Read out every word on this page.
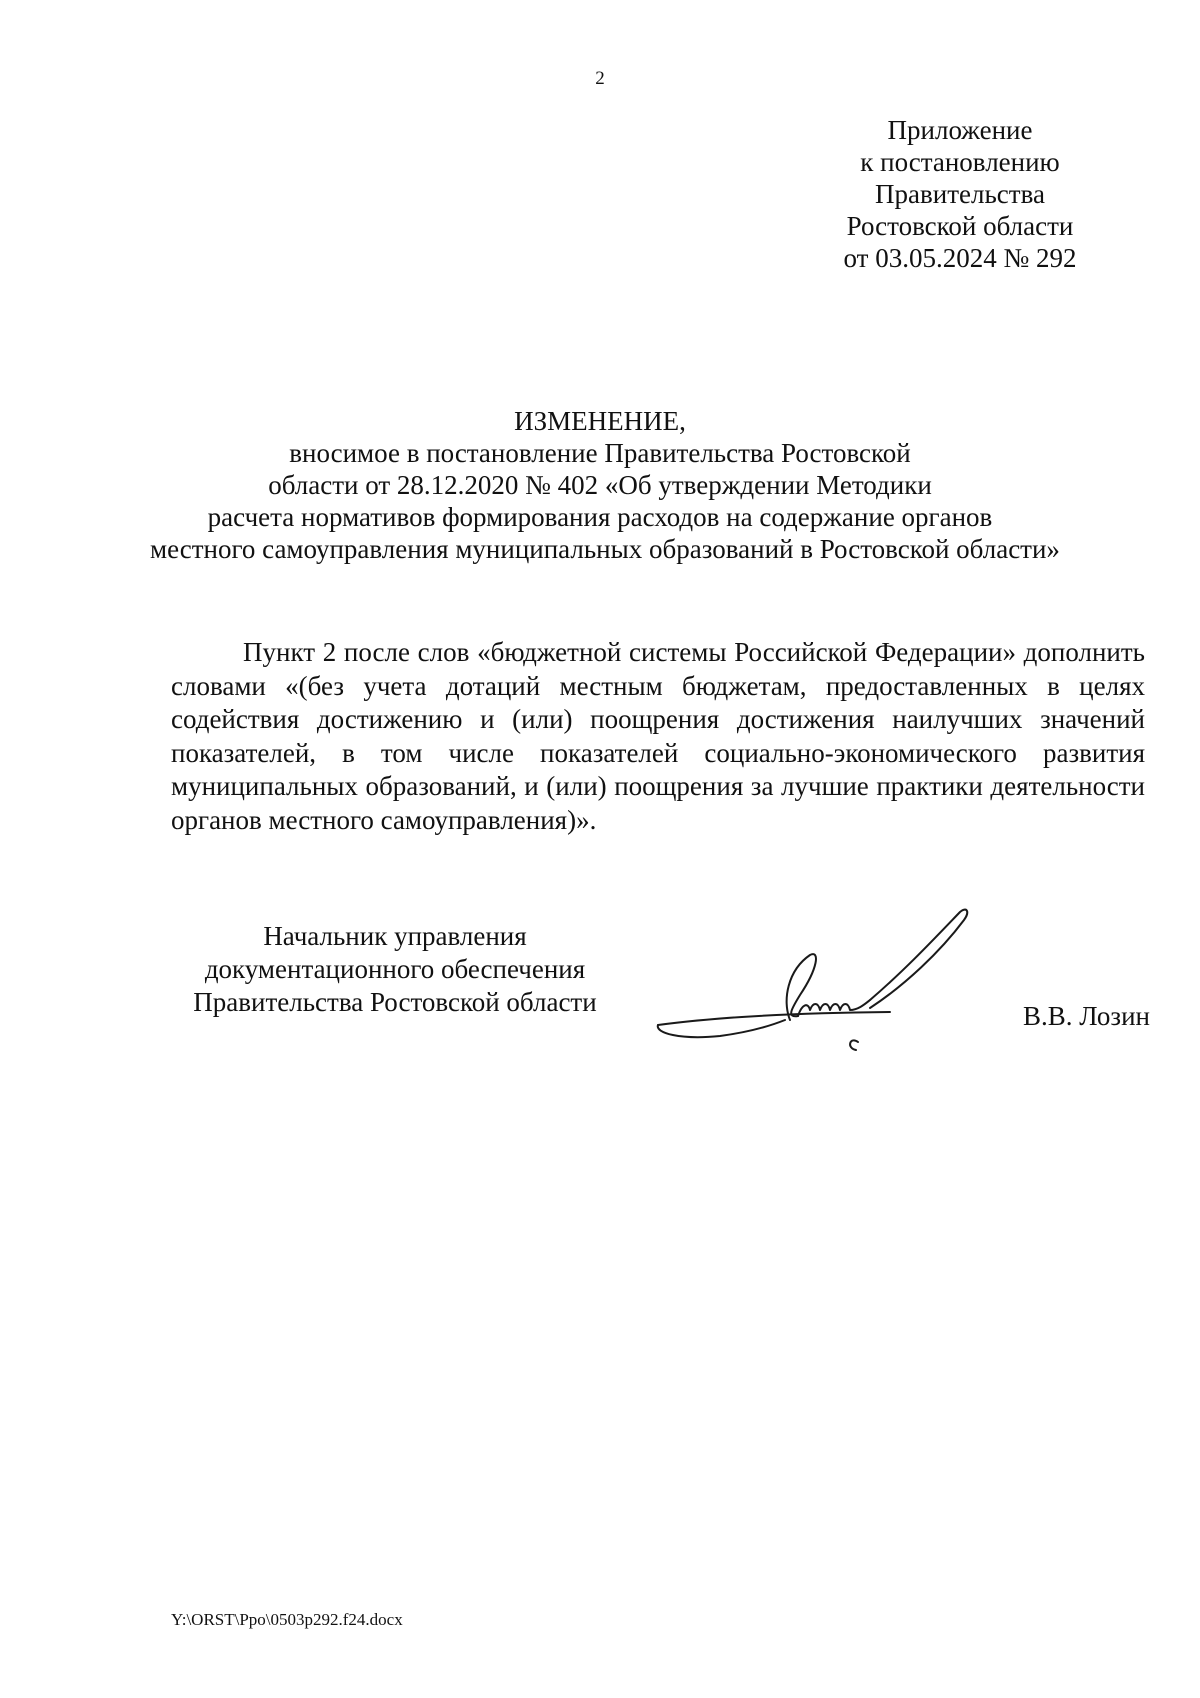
2
Приложение
к постановлению
Правительства
Ростовской области
от 03.05.2024 № 292
ИЗМЕНЕНИЕ,
вносимое в постановление Правительства Ростовской
области от 28.12.2020 № 402 «Об утверждении Методики
расчета нормативов формирования расходов на содержание органов
местного самоуправления муниципальных образований в Ростовской области»
Пункт 2 после слов «бюджетной системы Российской Федерации» дополнить словами «(без учета дотаций местным бюджетам, предоставленных в целях содействия достижению и (или) поощрения достижения наилучших значений показателей, в том числе показателей социально-экономического развития муниципальных образований, и (или) поощрения за лучшие практики деятельности органов местного самоуправления)».
Начальник управления
документационного обеспечения
Правительства Ростовской области	В.В. Лозин
Y:\ORST\Ppo\0503p292.f24.docx
